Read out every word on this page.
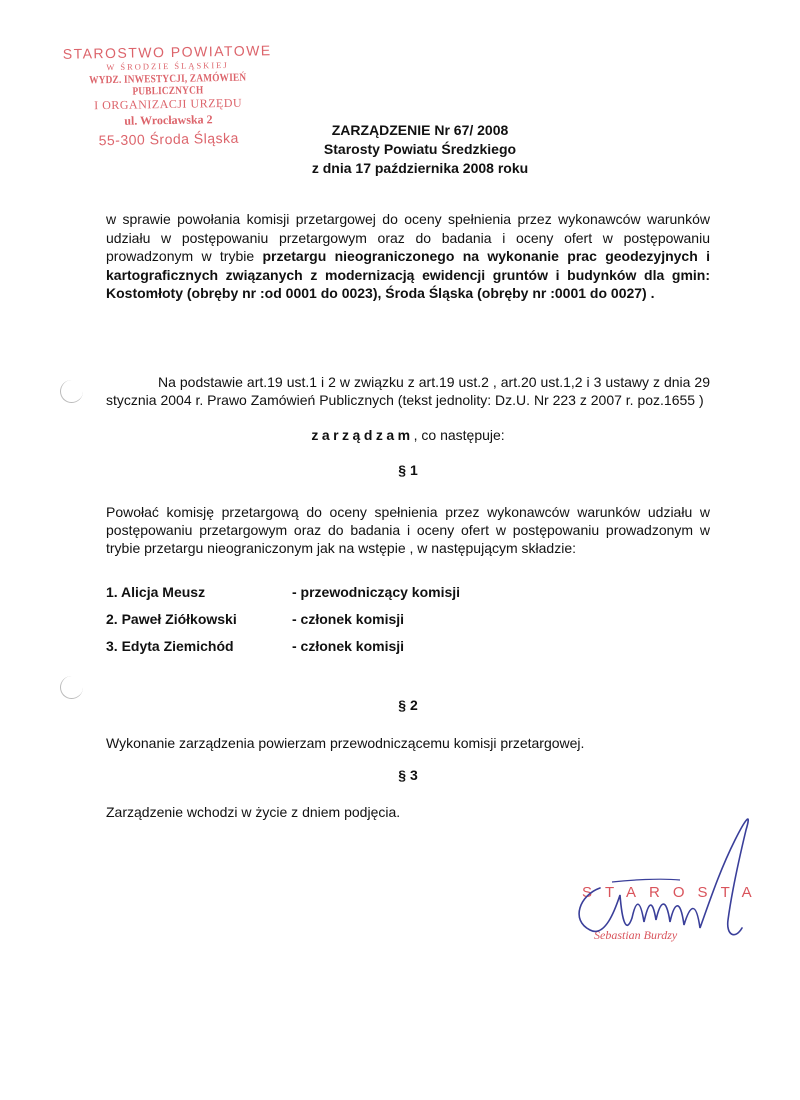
STAROSTWO POWIATOWE
W ŚRODZIE ŚLĄSKIEJ
WYDZ. INWESTYCJI, ZAMÓWIEŃ PUBLICZNYCH
I ORGANIZACJI URZĘDU
ul. Wrocławska 2
55-300 Środa Śląska	ZARZĄDZENIE Nr 67/ 2008
Starosty Powiatu Średzkiego
z dnia 17 października 2008 roku
w sprawie powołania komisji przetargowej do oceny spełnienia przez wykonawców warunków udziału w postępowaniu przetargowym oraz do badania i oceny ofert w postępowaniu prowadzonym w trybie przetargu nieograniczonego na wykonanie prac geodezyjnych i kartograficznych związanych z modernizacją ewidencji gruntów i budynków dla gmin: Kostomłoty (obręby nr :od 0001 do 0023), Środa Śląska (obręby nr :0001 do 0027) .
Na podstawie art.19 ust.1 i 2 w związku z art.19 ust.2 , art.20 ust.1,2 i 3 ustawy z dnia 29 stycznia 2004 r. Prawo Zamówień Publicznych (tekst jednolity: Dz.U. Nr 223 z 2007 r. poz.1655 )
zarządzam, co następuje:
§ 1
Powołać komisję przetargową do oceny spełnienia przez wykonawców warunków udziału w postępowaniu przetargowym oraz do badania i oceny ofert w postępowaniu prowadzonym w trybie przetargu nieograniczonym jak na wstępie , w następującym składzie:
1. Alicja Meusz	- przewodniczący komisji
2. Paweł Ziółkowski	- członek komisji
3. Edyta Ziemichód	- członek komisji
§ 2
Wykonanie zarządzenia powierzam przewodniczącemu komisji przetargowej.
§ 3
Zarządzenie wchodzi w życie z dniem podjęcia.
STAROSTA
Sebastian Burdzy
